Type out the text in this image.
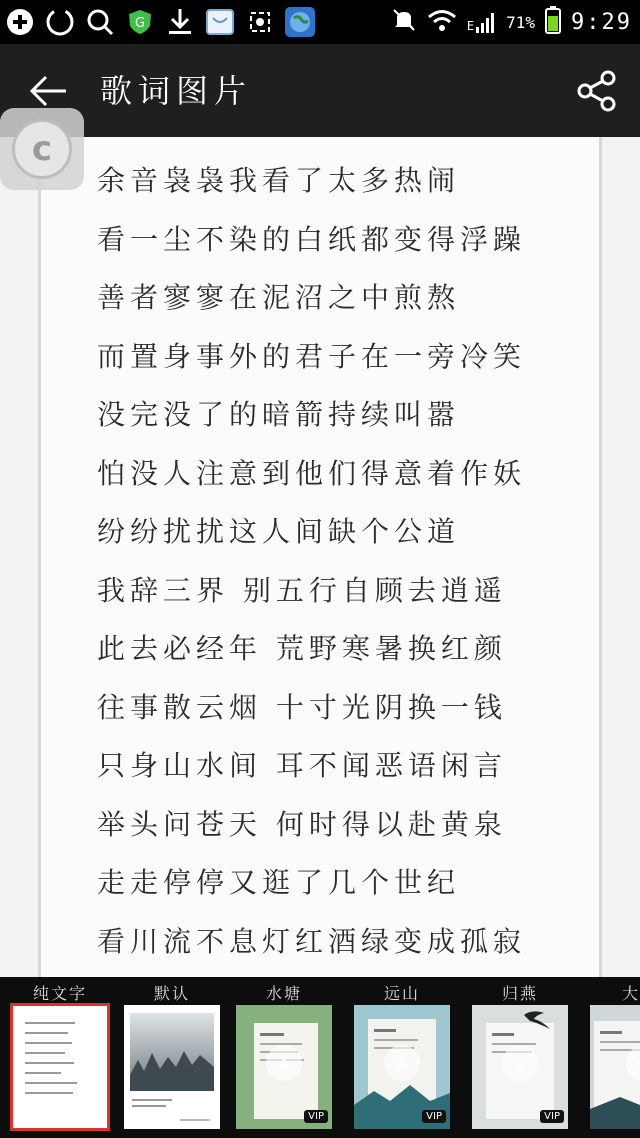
G	E 71% 9:29
歌词图片
余音袅袅我看了太多热闹
看一尘不染的白纸都变得浮躁
善者寥寥在泥沼之中煎熬
而置身事外的君子在一旁冷笑
没完没了的暗箭持续叫嚣
怕没人注意到他们得意着作妖
纷纷扰扰这人间缺个公道
我辞三界 别五行自顾去逍遥
此去必经年 荒野寒暑换红颜
往事散云烟 十寸光阴换一钱
只身山水间 耳不闻恶语闲言
举头问苍天 何时得以赴黄泉
走走停停又逛了几个世纪
看川流不息灯红酒绿变成孤寂
c
纯文字	默认	水塘
VIP
远山
VIP
归燕
VIP
大
